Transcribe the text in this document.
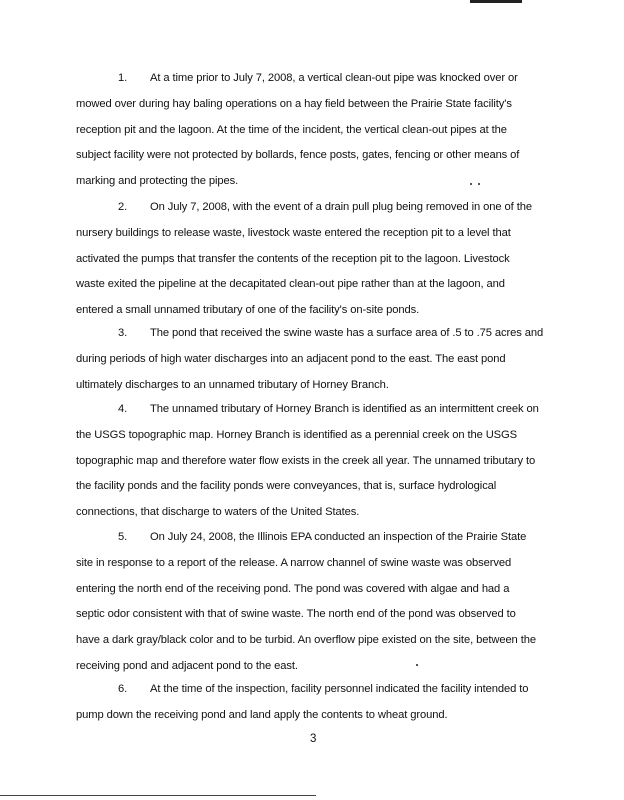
1. At a time prior to July 7, 2008, a vertical clean-out pipe was knocked over or
mowed over during hay baling operations on a hay field between the Prairie State facility's
reception pit and the lagoon. At the time of the incident, the vertical clean-out pipes at the
subject facility were not protected by bollards, fence posts, gates, fencing or other means of
marking and protecting the pipes.
2. On July 7, 2008, with the event of a drain pull plug being removed in one of the
nursery buildings to release waste, livestock waste entered the reception pit to a level that
activated the pumps that transfer the contents of the reception pit to the lagoon. Livestock
waste exited the pipeline at the decapitated clean-out pipe rather than at the lagoon, and
entered a small unnamed tributary of one of the facility's on-site ponds.
3. The pond that received the swine waste has a surface area of .5 to .75 acres and
during periods of high water discharges into an adjacent pond to the east. The east pond
ultimately discharges to an unnamed tributary of Horney Branch.
4. The unnamed tributary of Horney Branch is identified as an intermittent creek on
the USGS topographic map. Horney Branch is identified as a perennial creek on the USGS
topographic map and therefore water flow exists in the creek all year. The unnamed tributary to
the facility ponds and the facility ponds were conveyances, that is, surface hydrological
connections, that discharge to waters of the United States.
5. On July 24, 2008, the Illinois EPA conducted an inspection of the Prairie State
site in response to a report of the release. A narrow channel of swine waste was observed
entering the north end of the receiving pond. The pond was covered with algae and had a
septic odor consistent with that of swine waste. The north end of the pond was observed to
have a dark gray/black color and to be turbid. An overflow pipe existed on the site, between the
receiving pond and adjacent pond to the east.
6. At the time of the inspection, facility personnel indicated the facility intended to
pump down the receiving pond and land apply the contents to wheat ground.
3
